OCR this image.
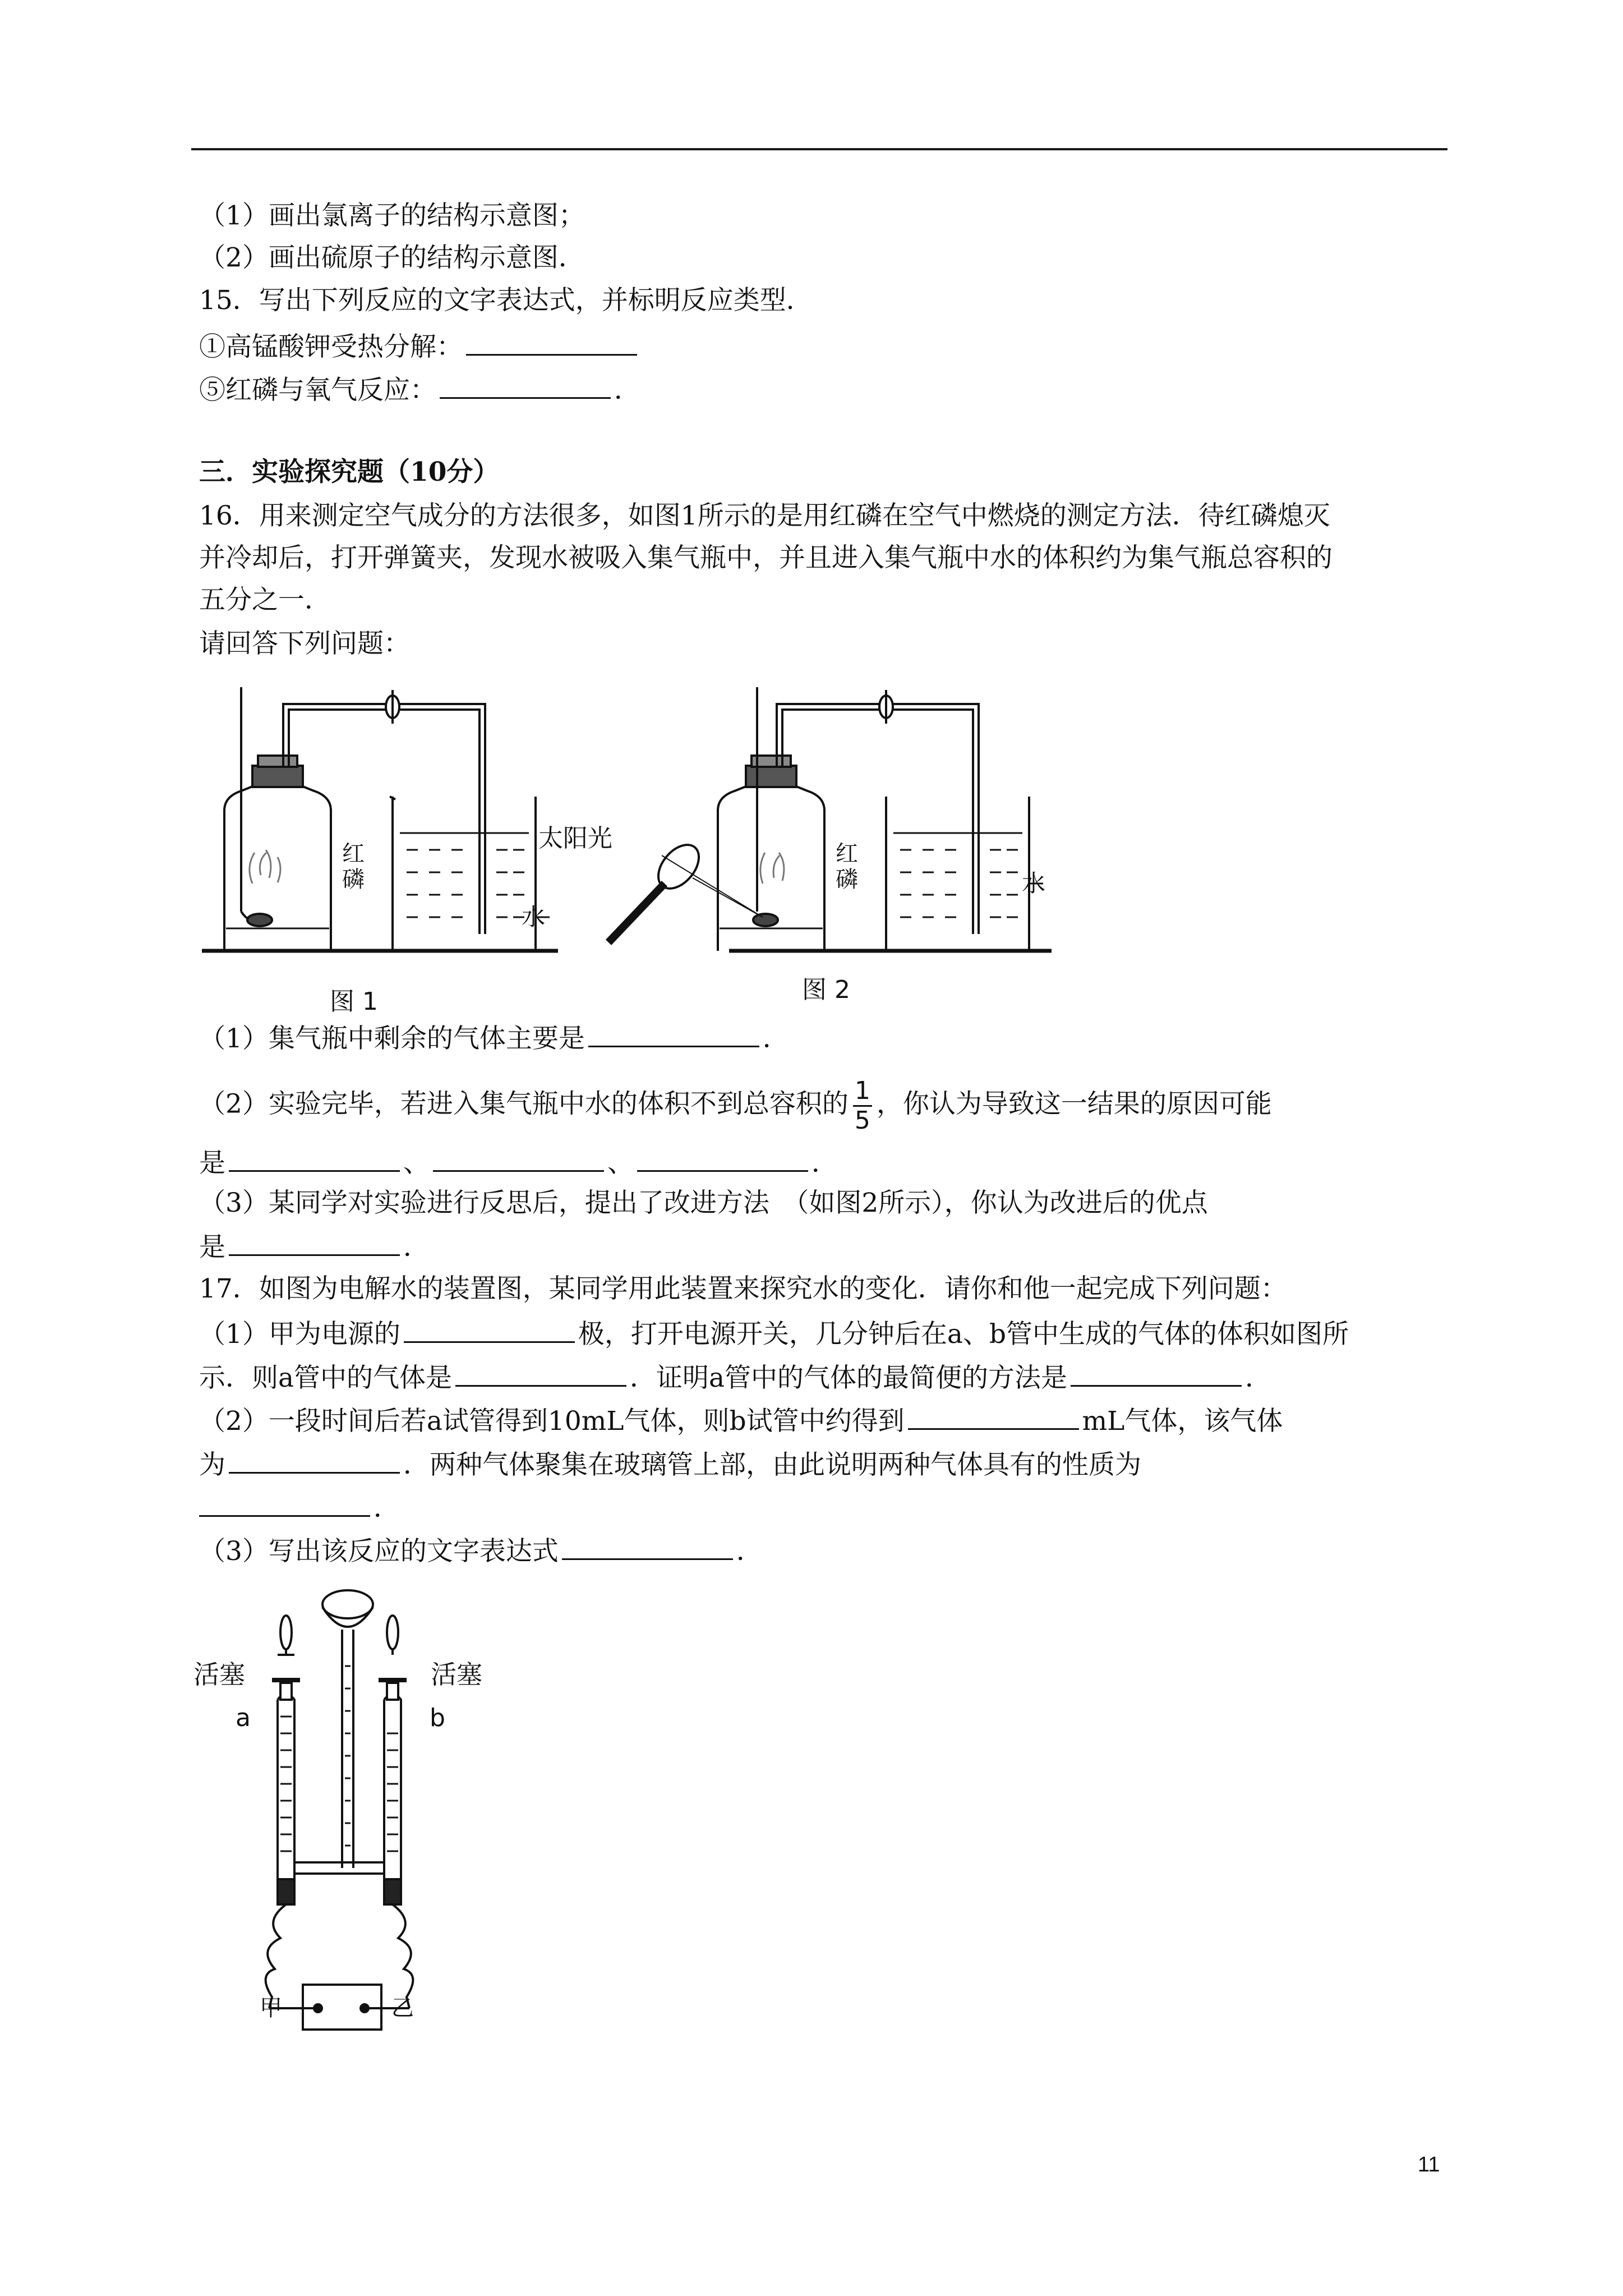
（1）画出氯离子的结构示意图；
（2）画出硫原子的结构示意图．
15．写出下列反应的文字表达式，并标明反应类型．
①高锰酸钾受热分解：
⑤红磷与氧气反应：	．
三．实验探究题（10分）
16．用来测定空气成分的方法很多，如图1所示的是用红磷在空气中燃烧的测定方法．待红磷熄灭
并冷却后，打开弹簧夹，发现水被吸入集气瓶中，并且进入集气瓶中水的体积约为集气瓶总容积的
五分之一．
请回答下列问题：
红磷
图 1
水
红磷
太阳光
水
图 2
（1）集气瓶中剩余的气体主要是	．
（2）实验完毕，若进入集气瓶中水的体积不到总容积的 $\frac{1}{5}$ ，你认为导致这一结果的原因可能
是	、	、	．
（3）某同学对实验进行反思后，提出了改进方法　（如图2所示），你认为改进后的优点
是	．
17．如图为电解水的装置图，某同学用此装置来探究水的变化．请你和他一起完成下列问题：
（1）甲为电源的	极，打开电源开关，几分钟后在a、b管中生成的气体的体积如图所
示．则a管中的气体是	．证明a管中的气体的最简便的方法是	．
（2）一段时间后若a试管得到10mL气体，则b试管中约得到	mL气体，该气体
为	．两种气体聚集在玻璃管上部，由此说明两种气体具有的性质为
．
（3）写出该反应的文字表达式	．
活塞	活塞
a	b
甲	乙
11
